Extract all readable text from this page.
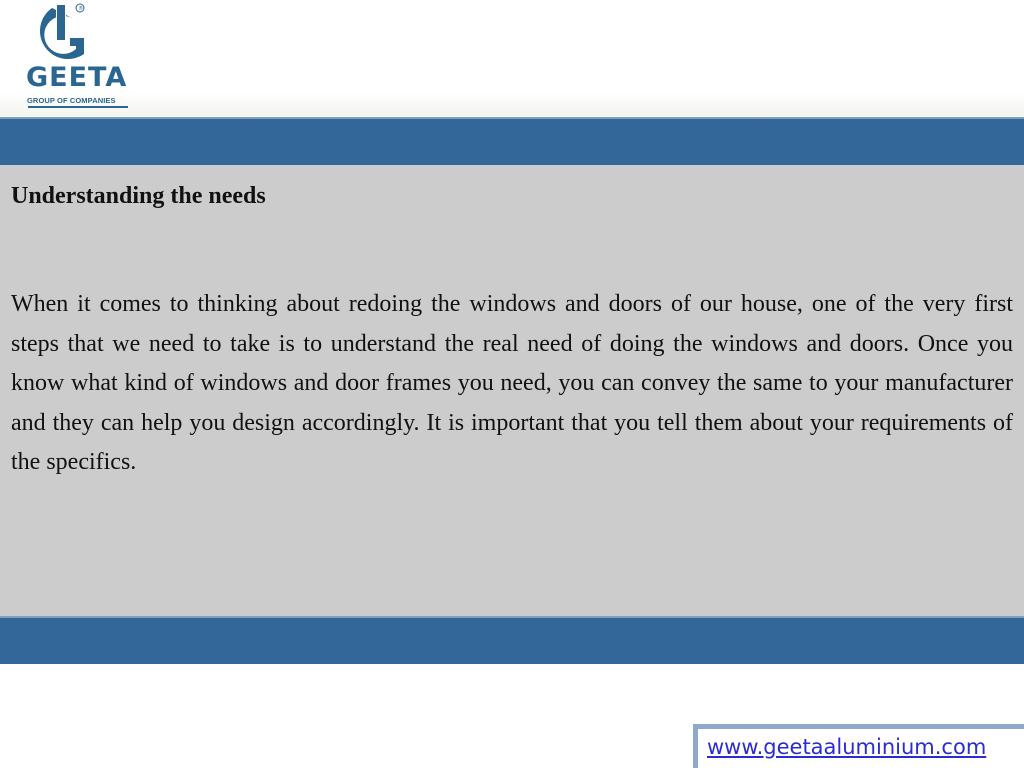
®
GEETA
GROUP OF COMPANIES
Understanding the needs
When it comes to thinking about redoing the windows and doors of our house, one of the very first steps that we need to take is to understand the real need of doing the windows and doors. Once you know what kind of windows and door frames you need, you can convey the same to your manufacturer and they can help you design accordingly. It is important that you tell them about your requirements of the specifics.
www.geetaaluminium.com
